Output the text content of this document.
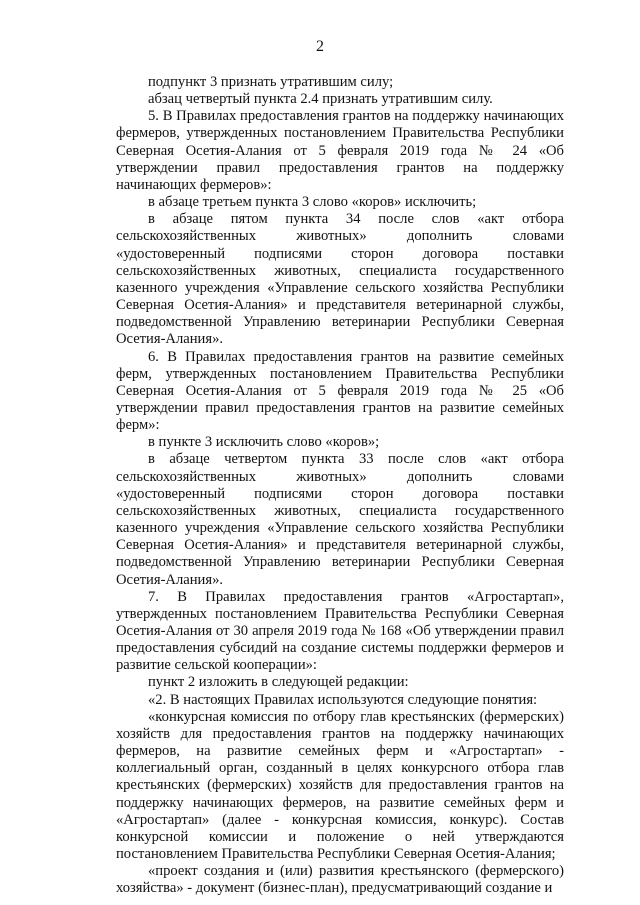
2

подпункт 3 признать утратившим силу;

абзац четвертый пункта 2.4 признать утратившим силу.

5. В Правилах предоставления грантов на поддержку начинающих фермеров, утвержденных постановлением Правительства Республики Северная Осетия-Алания от 5 февраля 2019 года № 24 «Об утверждении правил предоставления грантов на поддержку начинающих фермеров»:

в абзаце третьем пункта 3 слово «коров» исключить;

в абзаце пятом пункта 34 после слов «акт отбора сельскохозяйственных животных» дополнить словами «удостоверенный подписями сторон договора поставки сельскохозяйственных животных, специалиста государственного казенного учреждения «Управление сельского хозяйства Республики Северная Осетия-Алания» и представителя ветеринарной службы, подведомственной Управлению ветеринарии Республики Северная Осетия-Алания».

6. В Правилах предоставления грантов на развитие семейных ферм, утвержденных постановлением Правительства Республики Северная Осетия-Алания от 5 февраля 2019 года № 25 «Об утверждении правил предоставления грантов на развитие семейных ферм»:

в пункте 3 исключить слово «коров»;

в абзаце четвертом пункта 33 после слов «акт отбора сельскохозяйственных животных» дополнить словами «удостоверенный подписями сторон договора поставки сельскохозяйственных животных, специалиста государственного казенного учреждения «Управление сельского хозяйства Республики Северная Осетия-Алания» и представителя ветеринарной службы, подведомственной Управлению ветеринарии Республики Северная Осетия-Алания».

7. В Правилах предоставления грантов «Агростартап», утвержденных постановлением Правительства Республики Северная Осетия-Алания от 30 апреля 2019 года № 168 «Об утверждении правил предоставления субсидий на создание системы поддержки фермеров и развитие сельской кооперации»:

пункт 2 изложить в следующей редакции:

«2. В настоящих Правилах используются следующие понятия:

«конкурсная комиссия по отбору глав крестьянских (фермерских) хозяйств для предоставления грантов на поддержку начинающих фермеров, на развитие семейных ферм и «Агростартап» - коллегиальный орган, созданный в целях конкурсного отбора глав крестьянских (фермерских) хозяйств для предоставления грантов на поддержку начинающих фермеров, на развитие семейных ферм и «Агростартап» (далее - конкурсная комиссия, конкурс). Состав конкурсной комиссии и положение о ней утверждаются постановлением Правительства Республики Северная Осетия-Алания;

«проект создания и (или) развития крестьянского (фермерского) хозяйства» - документ (бизнес-план), предусматривающий создание и
